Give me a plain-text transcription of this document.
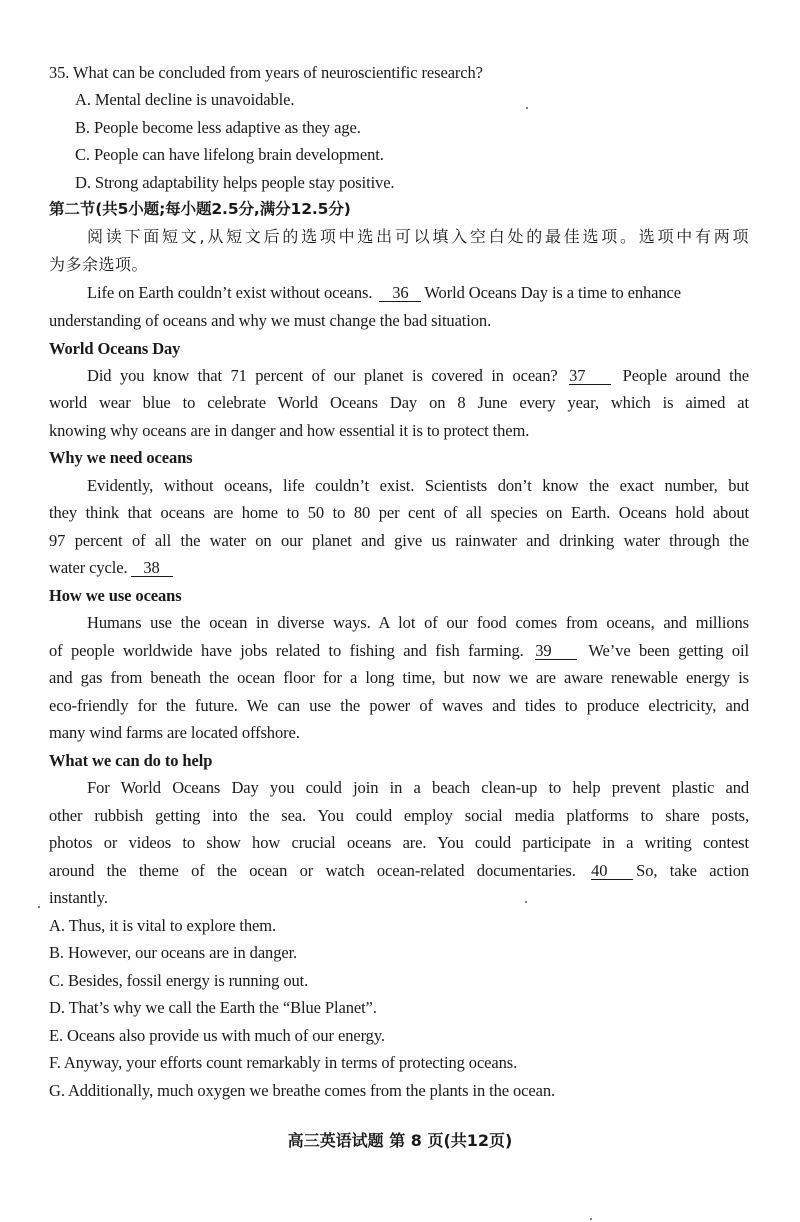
35. What can be concluded from years of neuroscientific research?
A. Mental decline is unavoidable.
B. People become less adaptive as they age.
C. People can have lifelong brain development.
D. Strong adaptability helps people stay positive.
第二节(共5小题;每小题2.5分,满分12.5分)
阅读下面短文,从短文后的选项中选出可以填入空白处的最佳选项。选项中有两项
为多余选项。
Life on Earth couldn’t exist without oceans. 36 World Oceans Day is a time to enhance
understanding of oceans and why we must change the bad situation.
World Oceans Day
Did you know that 71 percent of our planet is covered in ocean? 37 People around the
world wear blue to celebrate World Oceans Day on 8 June every year, which is aimed at
knowing why oceans are in danger and how essential it is to protect them.
Why we need oceans
Evidently, without oceans, life couldn’t exist. Scientists don’t know the exact number, but
they think that oceans are home to 50 to 80 per cent of all species on Earth. Oceans hold about
97 percent of all the water on our planet and give us rainwater and drinking water through the
water cycle. 38
How we use oceans
Humans use the ocean in diverse ways. A lot of our food comes from oceans, and millions
of people worldwide have jobs related to fishing and fish farming. 39 We’ve been getting oil
and gas from beneath the ocean floor for a long time, but now we are aware renewable energy is
eco-friendly for the future. We can use the power of waves and tides to produce electricity, and
many wind farms are located offshore.
What we can do to help
For World Oceans Day you could join in a beach clean-up to help prevent plastic and
other rubbish getting into the sea. You could employ social media platforms to share posts,
photos or videos to show how crucial oceans are. You could participate in a writing contest
around the theme of the ocean or watch ocean-related documentaries. 40 So, take action
instantly.
A. Thus, it is vital to explore them.
B. However, our oceans are in danger.
C. Besides, fossil energy is running out.
D. That’s why we call the Earth the “Blue Planet”.
E. Oceans also provide us with much of our energy.
F. Anyway, your efforts count remarkably in terms of protecting oceans.
G. Additionally, much oxygen we breathe comes from the plants in the ocean.
高三英语试题 第 8 页(共12页)
